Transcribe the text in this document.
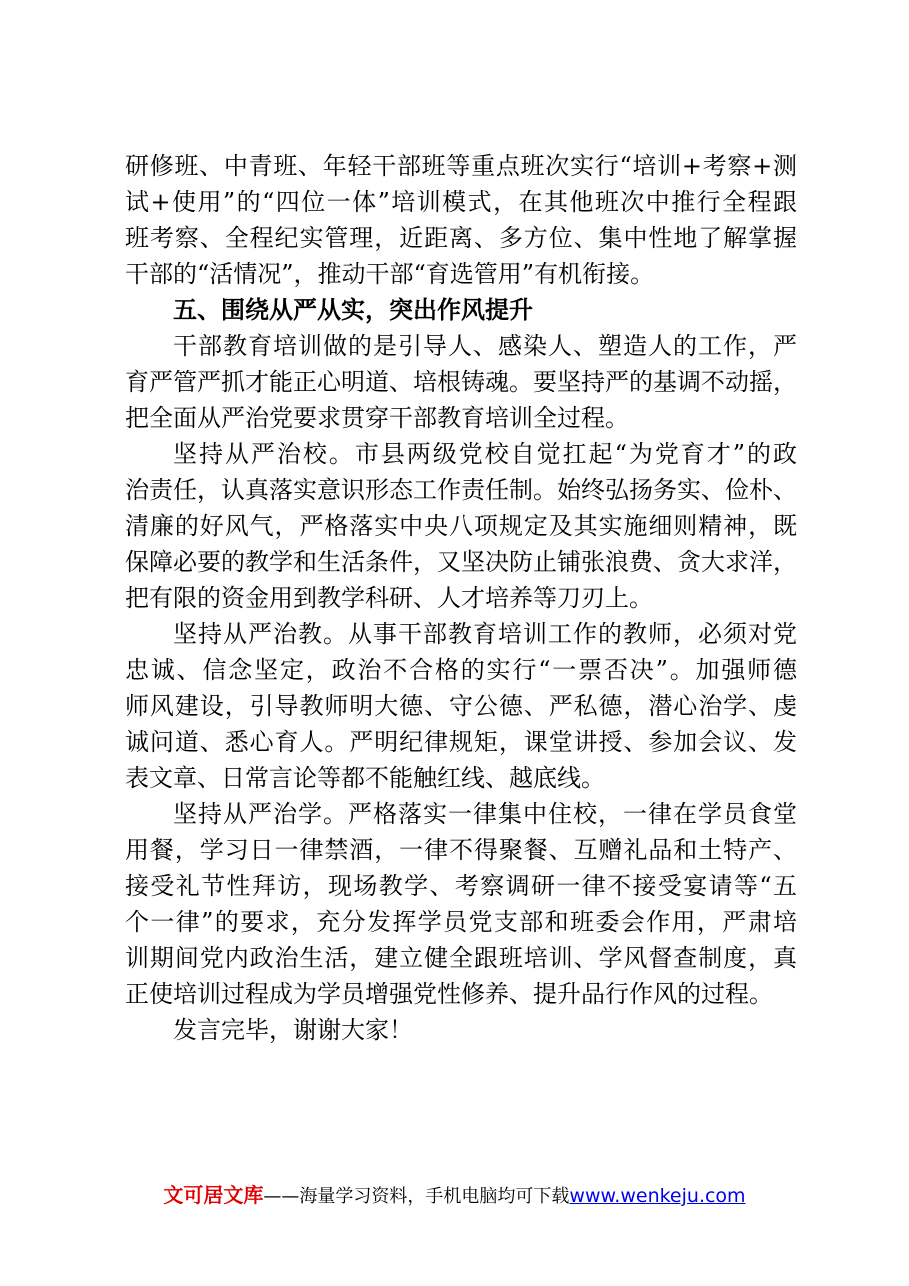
研修班、中青班、年轻干部班等重点班次实行“培训+考察+测
试+使用”的“四位一体”培训模式，在其他班次中推行全程跟
班考察、全程纪实管理，近距离、多方位、集中性地了解掌握
干部的“活情况”，推动干部“育选管用”有机衔接。
五、围绕从严从实，突出作风提升
干部教育培训做的是引导人、感染人、塑造人的工作，严
育严管严抓才能正心明道、培根铸魂。要坚持严的基调不动摇，
把全面从严治党要求贯穿干部教育培训全过程。
坚持从严治校。市县两级党校自觉扛起“为党育才”的政
治责任，认真落实意识形态工作责任制。始终弘扬务实、俭朴、
清廉的好风气，严格落实中央八项规定及其实施细则精神，既
保障必要的教学和生活条件，又坚决防止铺张浪费、贪大求洋，
把有限的资金用到教学科研、人才培养等刀刃上。
坚持从严治教。从事干部教育培训工作的教师，必须对党
忠诚、信念坚定，政治不合格的实行“一票否决”。加强师德
师风建设，引导教师明大德、守公德、严私德，潜心治学、虔
诚问道、悉心育人。严明纪律规矩，课堂讲授、参加会议、发
表文章、日常言论等都不能触红线、越底线。
坚持从严治学。严格落实一律集中住校，一律在学员食堂
用餐，学习日一律禁酒，一律不得聚餐、互赠礼品和土特产、
接受礼节性拜访，现场教学、考察调研一律不接受宴请等“五
个一律”的要求，充分发挥学员党支部和班委会作用，严肃培
训期间党内政治生活，建立健全跟班培训、学风督查制度，真
正使培训过程成为学员增强党性修养、提升品行作风的过程。
发言完毕，谢谢大家！
文可居文库——海量学习资料，手机电脑均可下载www.wenkeju.com
